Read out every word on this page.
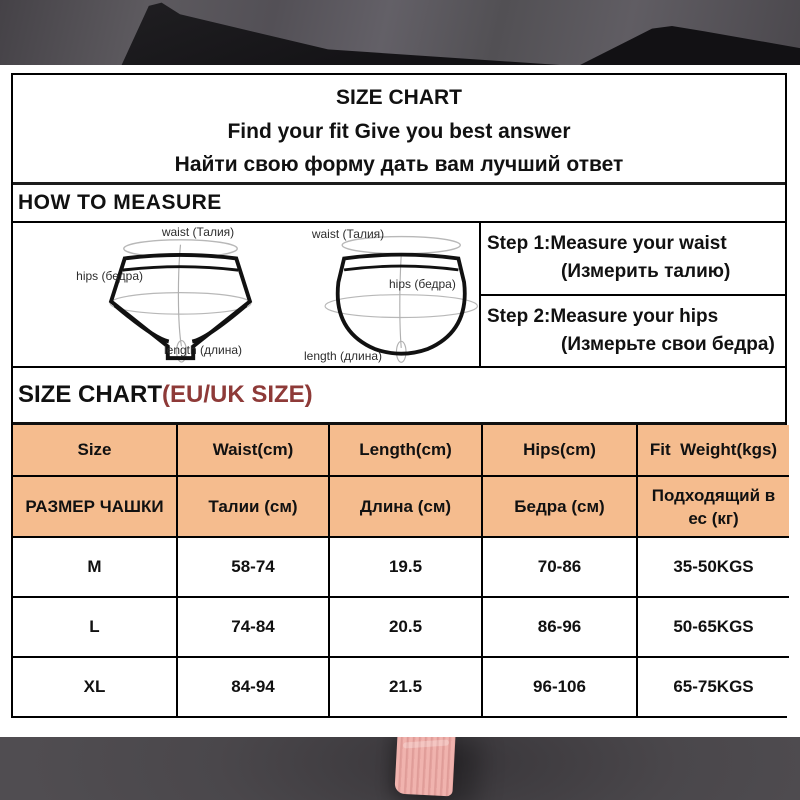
SIZE CHART
Find your fit Give you best answer
Найти свою форму дать вам лучший ответ
HOW TO MEASURE
waist (Талия)	waist (Талия)
hips (бедра)
hips (бедра)
length (длина)	length (длина)
Step 1:Measure your waist
(Измерить талию)
Step 2:Measure your hips
(Измерьте свои бедра)
SIZE CHART (EU/UK SIZE)
Size	Waist(cm)	Length(cm)	Hips(cm)	Fit  Weight(kgs)
РАЗМЕР ЧАШКИ	Талии (см)	Длина (см)	Бедра (см)	Подходящий в
ес (кг)

M	58-74	19.5	70-86	35-50KGS
L	74-84	20.5	86-96	50-65KGS
XL	84-94	21.5	96-106	65-75KGS
